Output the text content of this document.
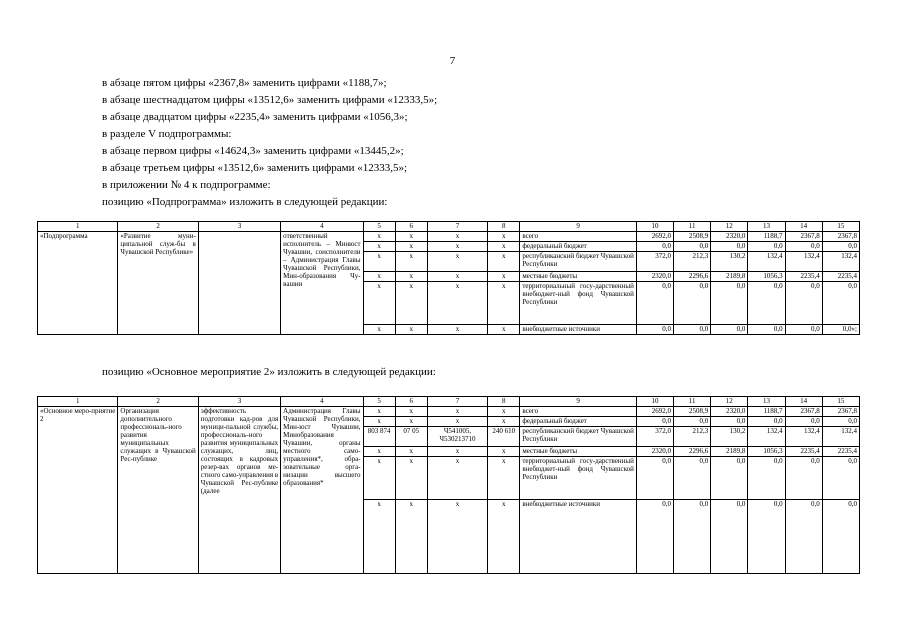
7
в абзаце пятом цифры «2367,8» заменить цифрами «1188,7»;
в абзаце шестнадцатом цифры «13512,6» заменить цифрами «12333,5»;
в абзаце двадцатом цифры «2235,4» заменить цифрами «1056,3»;
в разделе V подпрограммы:
в абзаце первом цифры «14624,3» заменить цифрами «13445,2»;
в абзаце третьем цифры «13512,6» заменить цифрами «12333,5»;
в приложении № 4 к подпрограмме:
позицию «Подпрограмма» изложить в следующей редакции:
1	2	3	4	5	6	7	8	9	10	11	12	13	14	15
«Подпрограмма	«Развитие муни-ципальной служ-бы в Чувашской Республике»		ответственный исполнитель – Минюст Чувашии, соисполнители – Администрация Главы Чувашской Республики, Мин-образования Чу-вашии	x	x	x	x	всего	2692,0	2508,9	2320,0	1188,7	2367,8	2367,8
				x	x	x	x	федеральный бюджет	0,0	0,0	0,0	0,0	0,0	0,0
				x	x	x	x	республиканский бюджет Чувашской Республики	372,0	212,3	130,2	132,4	132,4	132,4
				x	x	x	x	местные бюджеты	2320,0	2296,6	2189,8	1056,3	2235,4	2235,4
				x	x	x	x	территориальный госу-дарственный внебюджет-ный фонд Чувашской Республики	0,0	0,0	0,0	0,0	0,0	0,0
				x	x	x	x	внебюджетные источники	0,0	0,0	0,0	0,0	0,0	0,0»;
позицию «Основное мероприятие 2» изложить в следующей редакции:
1	2	3	4	5	6	7	8	9	10	11	12	13	14	15
«Основное меро-приятие 2	Организация дополнительного профессиональ-ного развития муниципальных служащих в Чувашской Рес-публике	эффективность подготовки кад-ров для муници-пальной службы, профессиональ-ного развития муниципальных служащих, лиц, состоящих в кадровых резер-вах органов ме-стного само-управления в Чувашской Рес-публике (далее	Администрация Главы Чувашской Республики, Мин-юст Чувашии, Минобразования Чувашии, органы местного само-управления*, обра-зовательные орга-низации высшего образования*	x	x	x	x	всего	2692,0	2508,9	2320,0	1188,7	2367,8	2367,8
				x	x	x	x	федеральный бюджет	0,0	0,0	0,0	0,0	0,0	0,0
				803 874	07 05	Ч541005, Ч530213710	240 610	республиканский бюджет Чувашской Республики	372,0	212,3	130,2	132,4	132,4	132,4
				x	x	x	x	местные бюджеты	2320,0	2296,6	2189,8	1056,3	2235,4	2235,4
				x	x	x	x	территориальный госу-дарственный внебюджет-ный фонд Чувашской Республики	0,0	0,0	0,0	0,0	0,0	0,0
				x	x	x	x	внебюджетные источники	0,0	0,0	0,0	0,0	0,0	0,0
